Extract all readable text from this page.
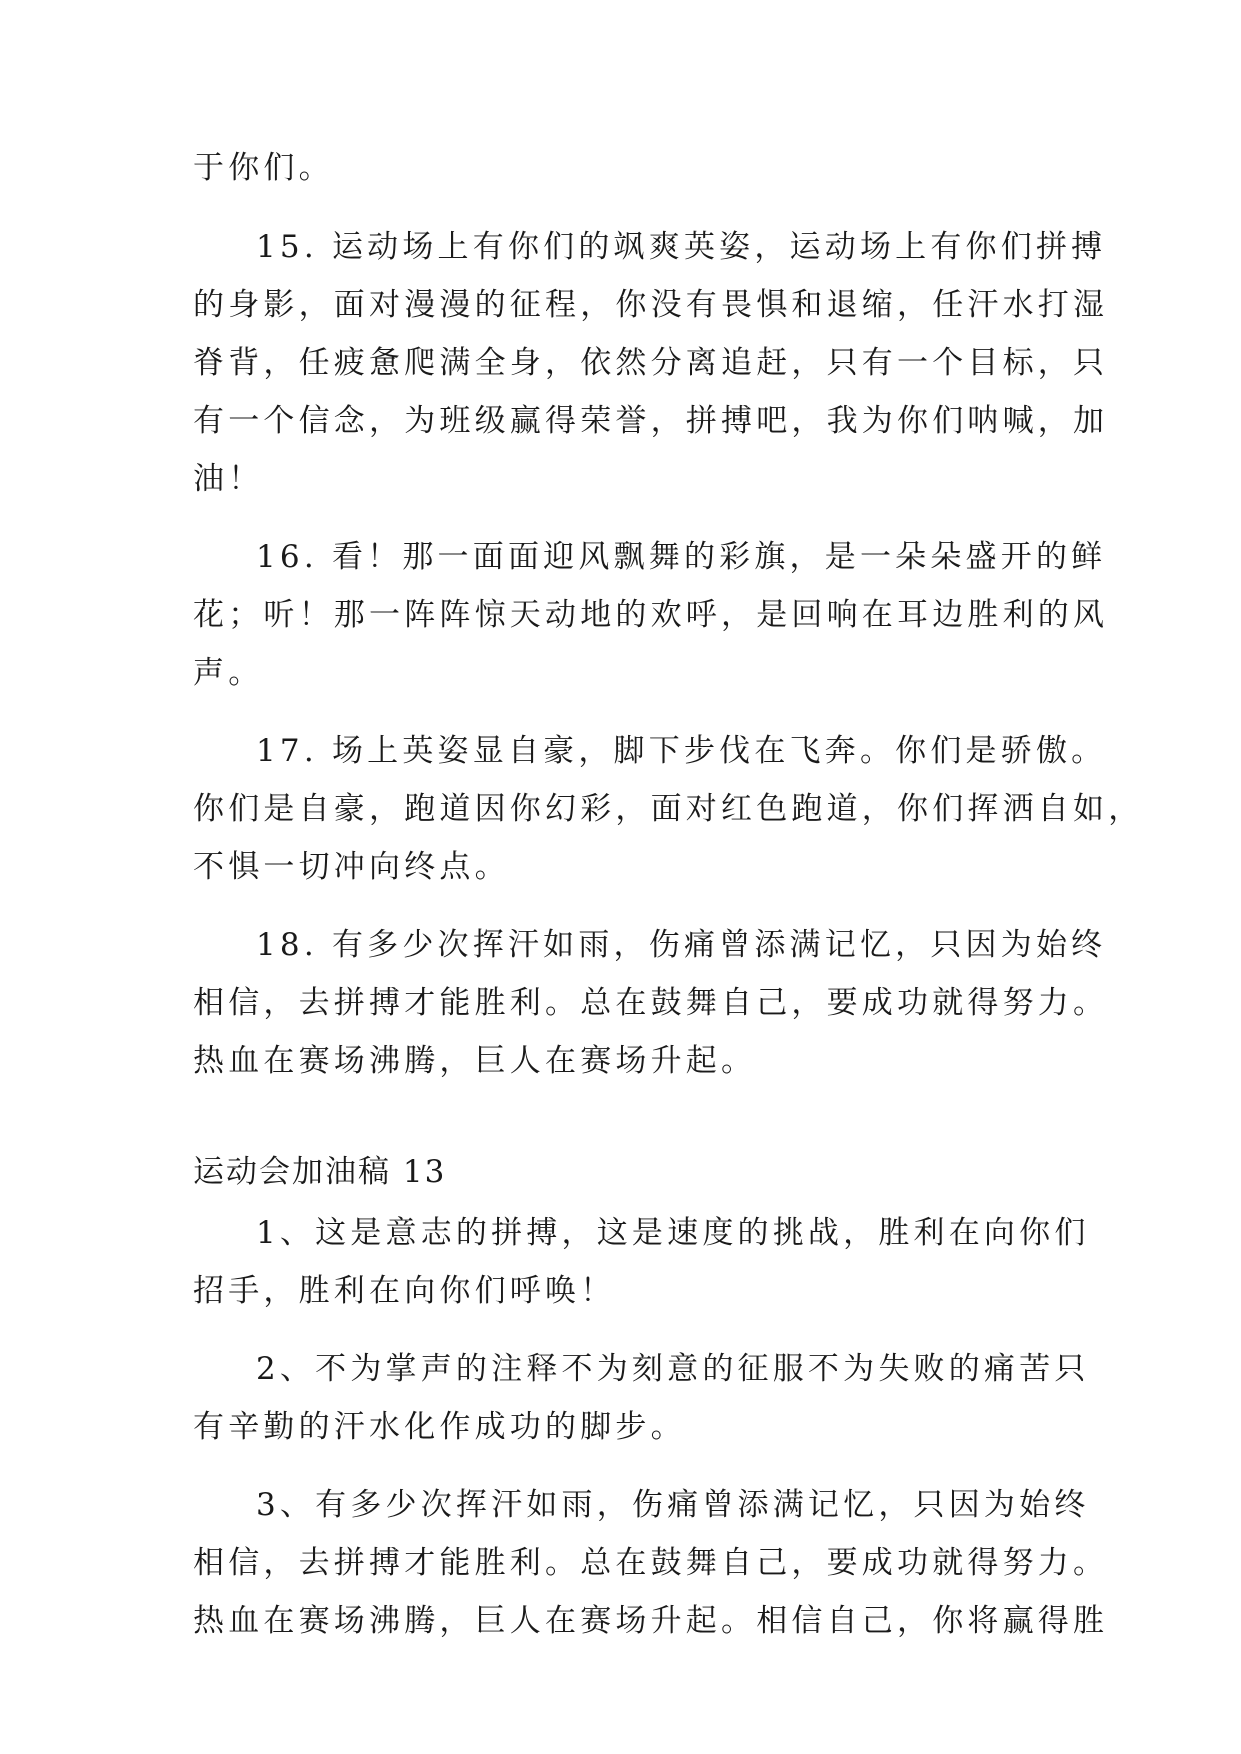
于你们。
15. 运动场上有你们的飒爽英姿，运动场上有你们拼搏
的身影，面对漫漫的征程，你没有畏惧和退缩，任汗水打湿
脊背，任疲惫爬满全身，依然分离追赶，只有一个目标，只
有一个信念，为班级赢得荣誉，拼搏吧，我为你们呐喊，加
油！
16. 看！那一面面迎风飘舞的彩旗，是一朵朵盛开的鲜
花；听！那一阵阵惊天动地的欢呼，是回响在耳边胜利的风
声。
17. 场上英姿显自豪，脚下步伐在飞奔。你们是骄傲。
你们是自豪，跑道因你幻彩，面对红色跑道，你们挥洒自如，
不惧一切冲向终点。
18. 有多少次挥汗如雨，伤痛曾添满记忆，只因为始终
相信，去拼搏才能胜利。总在鼓舞自己，要成功就得努力。
热血在赛场沸腾，巨人在赛场升起。
运动会加油稿 13
1、这是意志的拼搏，这是速度的挑战，胜利在向你们
招手，胜利在向你们呼唤！
2、不为掌声的注释不为刻意的征服不为失败的痛苦只
有辛勤的汗水化作成功的脚步。
3、有多少次挥汗如雨，伤痛曾添满记忆，只因为始终
相信，去拼搏才能胜利。总在鼓舞自己，要成功就得努力。
热血在赛场沸腾，巨人在赛场升起。相信自己，你将赢得胜
